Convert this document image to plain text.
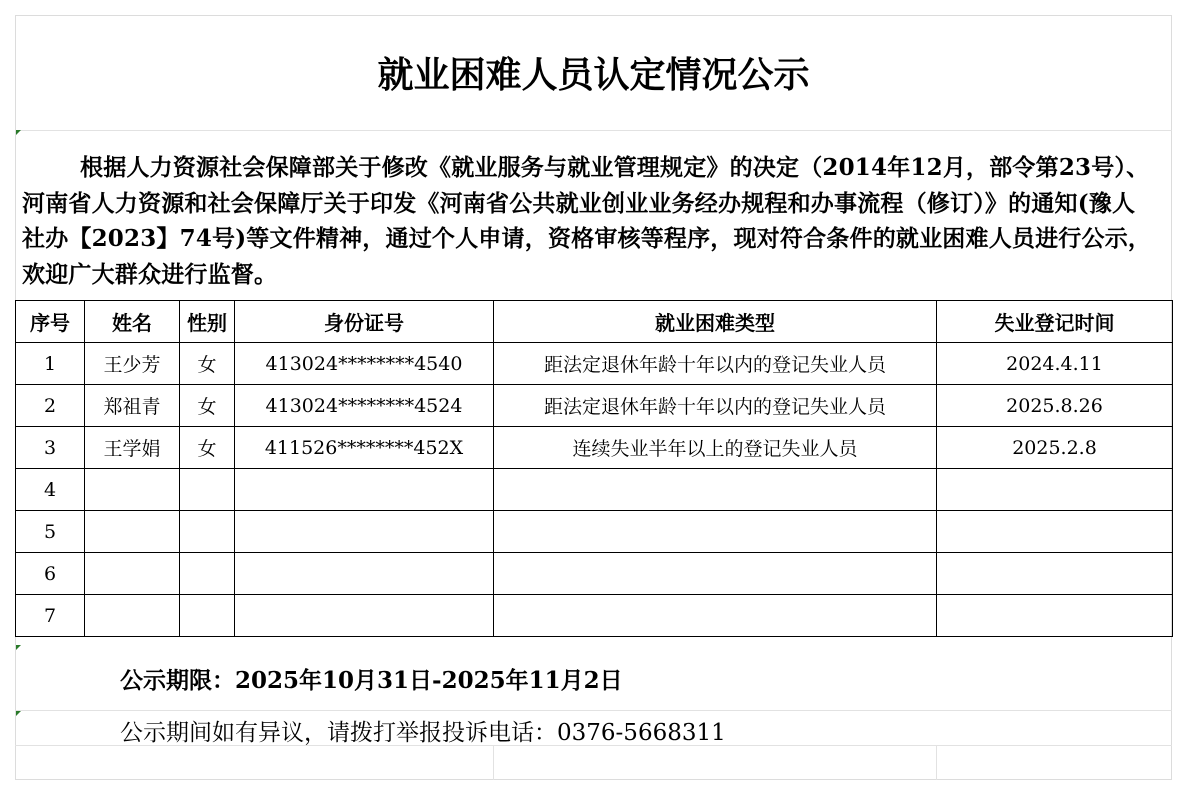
就业困难人员认定情况公示
根据人力资源社会保障部关于修改《就业服务与就业管理规定》的决定（2014年12月，部令第23号）、河南省人力资源和社会保障厅关于印发《河南省公共就业创业业务经办规程和办事流程（修订）》的通知(豫人社办【2023】74号)等文件精神，通过个人申请，资格审核等程序，现对符合条件的就业困难人员进行公示，欢迎广大群众进行监督。
序号	姓名	性别	身份证号	就业困难类型	失业登记时间
1	王少芳	女	413024********4540	距法定退休年龄十年以内的登记失业人员	2024.4.11
2	郑祖青	女	413024********4524	距法定退休年龄十年以内的登记失业人员	2025.8.26
3	王学娟	女	411526********452X	连续失业半年以上的登记失业人员	2025.2.8
4					
5					
6					
7					
公示期限：2025年10月31日-2025年11月2日
公示期间如有异议，请拨打举报投诉电话：0376-5668311
